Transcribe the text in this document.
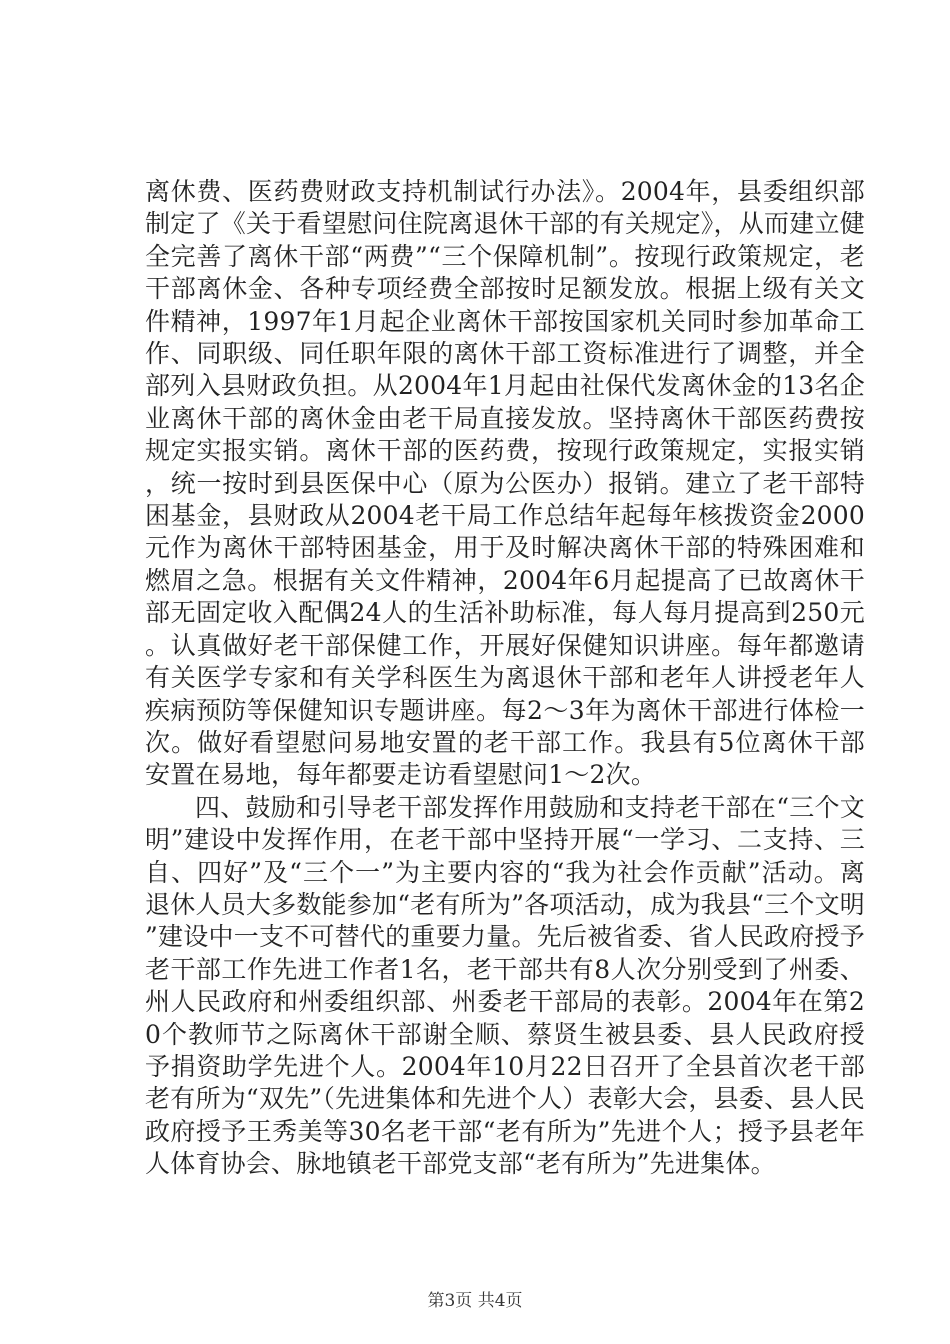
离休费、医药费财政支持机制试行办法》。2004年，县委组织部制定了《关于看望慰问住院离退休干部的有关规定》，从而建立健全完善了离休干部“两费”“三个保障机制”。按现行政策规定，老干部离休金、各种专项经费全部按时足额发放。根据上级有关文件精神，1997年1月起企业离休干部按国家机关同时参加革命工作、同职级、同任职年限的离休干部工资标准进行了调整，并全部列入县财政负担。从2004年1月起由社保代发离休金的13名企业离休干部的离休金由老干局直接发放。坚持离休干部医药费按规定实报实销。离休干部的医药费，按现行政策规定，实报实销，统一按时到县医保中心（原为公医办）报销。建立了老干部特困基金，县财政从2004老干局工作总结年起每年核拨资金2000元作为离休干部特困基金，用于及时解决离休干部的特殊困难和燃眉之急。根据有关文件精神，2004年6月起提高了已故离休干部无固定收入配偶24人的生活补助标准，每人每月提高到250元。认真做好老干部保健工作，开展好保健知识讲座。每年都邀请有关医学专家和有关学科医生为离退休干部和老年人讲授老年人疾病预防等保健知识专题讲座。每2～3年为离休干部进行体检一次。做好看望慰问易地安置的老干部工作。我县有5位离休干部安置在易地，每年都要走访看望慰问1～2次。

四、鼓励和引导老干部发挥作用鼓励和支持老干部在“三个文明”建设中发挥作用，在老干部中坚持开展“一学习、二支持、三自、四好”及“三个一”为主要内容的“我为社会作贡献”活动。离退休人员大多数能参加“老有所为”各项活动，成为我县“三个文明”建设中一支不可替代的重要力量。先后被省委、省人民政府授予老干部工作先进工作者1名，老干部共有8人次分别受到了州委、州人民政府和州委组织部、州委老干部局的表彰。2004年在第20个教师节之际离休干部谢全顺、蔡贤生被县委、县人民政府授予捐资助学先进个人。2004年10月22日召开了全县首次老干部老有所为“双先”（先进集体和先进个人）表彰大会，县委、县人民政府授予王秀美等30名老干部“老有所为”先进个人；授予县老年人体育协会、脉地镇老干部党支部“老有所为”先进集体。

第3页 共4页
